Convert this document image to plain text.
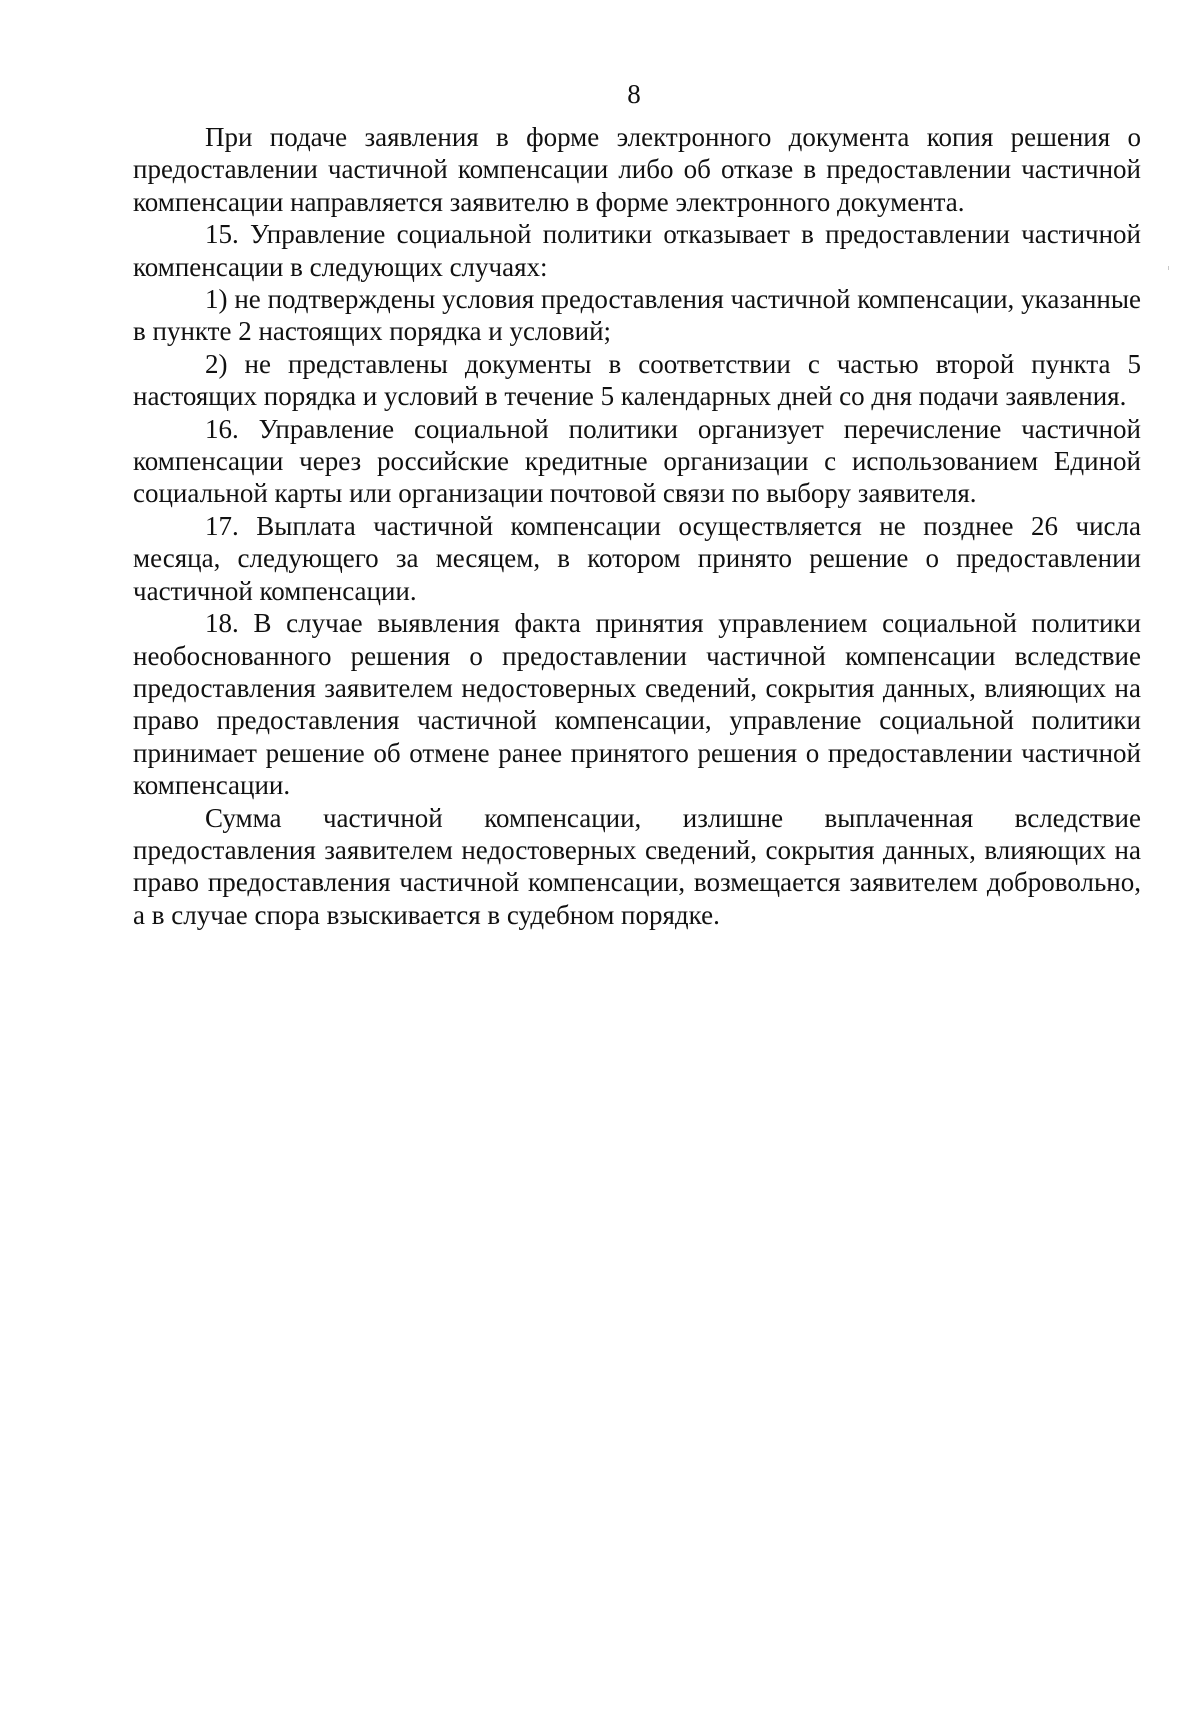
8

При подаче заявления в форме электронного документа копия решения о предоставлении частичной компенсации либо об отказе в предоставлении частичной компенсации направляется заявителю в форме электронного документа.

15. Управление социальной политики отказывает в предоставлении частичной компенсации в следующих случаях:

1) не подтверждены условия предоставления частичной компенсации, указанные в пункте 2 настоящих порядка и условий;

2) не представлены документы в соответствии с частью второй пункта 5 настоящих порядка и условий в течение 5 календарных дней со дня подачи заявления.

16. Управление социальной политики организует перечисление частичной компенсации через российские кредитные организации с использованием Единой социальной карты или организации почтовой связи по выбору заявителя.

17. Выплата частичной компенсации осуществляется не позднее 26 числа месяца, следующего за месяцем, в котором принято решение о предоставлении частичной компенсации.

18. В случае выявления факта принятия управлением социальной политики необоснованного решения о предоставлении частичной компенсации вследствие предоставления заявителем недостоверных сведений, сокрытия данных, влияющих на право предоставления частичной компенсации, управление социальной политики принимает решение об отмене ранее принятого решения о предоставлении частичной компенсации.

Сумма частичной компенсации, излишне выплаченная вследствие предоставления заявителем недостоверных сведений, сокрытия данных, влияющих на право предоставления частичной компенсации, возмещается заявителем добровольно, а в случае спора взыскивается в судебном порядке.
